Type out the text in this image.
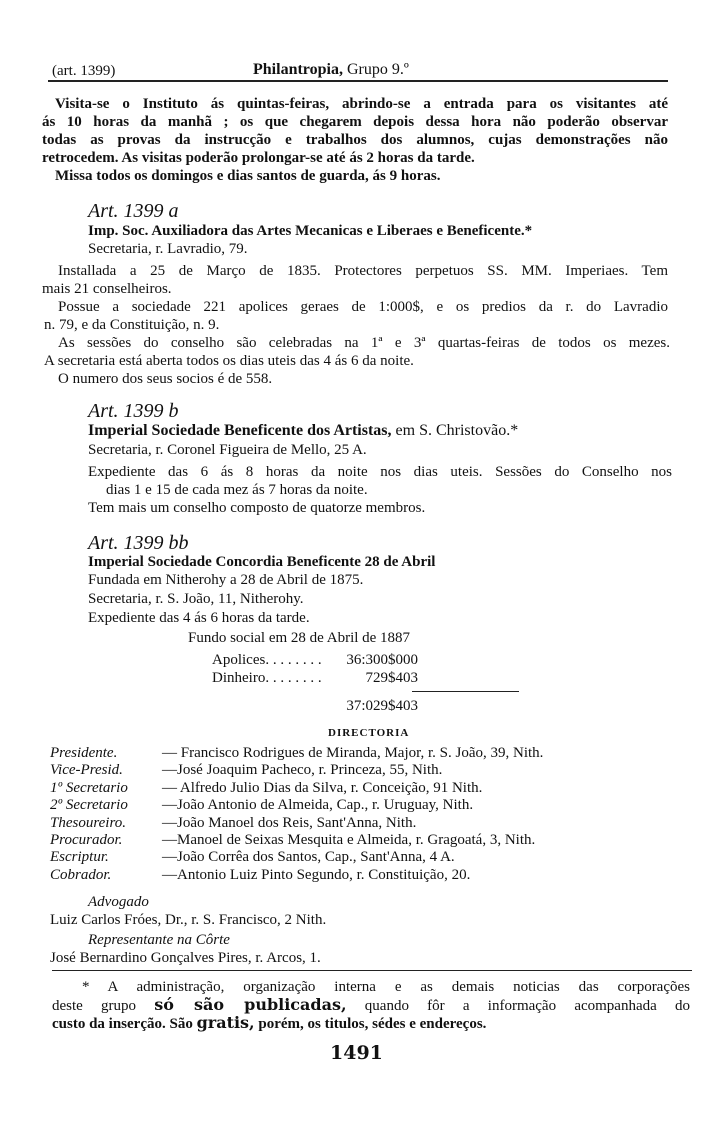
(art. 1399)	Philantropia, Grupo 9.º
Visita-se o Instituto ás quintas-feiras, abrindo-se a entrada para os visitantes até
ás 10 horas da manhã ; os que chegarem depois dessa hora não poderão observar
todas as provas da instrucção e trabalhos dos alumnos, cujas demonstrações não
retrocedem. As visitas poderão prolongar-se até ás 2 horas da tarde.
Missa todos os domingos e dias santos de guarda, ás 9 horas.
Art. 1399 a
Imp. Soc. Auxiliadora das Artes Mecanicas e Liberaes e Beneficente.*
Secretaria, r. Lavradio, 79.
Installada a 25 de Março de 1835. Protectores perpetuos SS. MM. Imperiaes. Tem
mais 21 conselheiros.
Possue a sociedade 221 apolices geraes de 1:000$, e os predios da r. do Lavradio
n. 79, e da Constituição, n. 9.
As sessões do conselho são celebradas na 1ª e 3ª quartas-feiras de todos os mezes.
A secretaria está aberta todos os dias uteis das 4 ás 6 da noite.
O numero dos seus socios é de 558.
Art. 1399 b
Imperial Sociedade Beneficente dos Artistas, em S. Christovão.*
Secretaria, r. Coronel Figueira de Mello, 25 A.
Expediente das 6 ás 8 horas da noite nos dias uteis. Sessões do Conselho nos
dias 1 e 15 de cada mez ás 7 horas da noite.
Tem mais um conselho composto de quatorze membros.
Art. 1399 bb
Imperial Sociedade Concordia Beneficente 28 de Abril
Fundada em Nitherohy a 28 de Abril de 1875.
Secretaria, r. S. João, 11, Nitherohy.
Expediente das 4 ás 6 horas da tarde.
Fundo social em 28 de Abril de 1887
Apolices. . . . . . . .	36:300$000
Dinheiro. . . . . . . .	729$403
37:029$403
DIRECTORIA
Presidente.	— Francisco Rodrigues de Miranda, Major, r. S. João, 39, Nith.
Vice-Presid.	—José Joaquim Pacheco, r. Princeza, 55, Nith.
1º Secretario — Alfredo Julio Dias da Silva, r. Conceição, 91 Nith.
2º Secretario —João Antonio de Almeida, Cap., r. Uruguay, Nith.
Thesoureiro. —João Manoel dos Reis, Sant'Anna, Nith.
Procurador.	—Manoel de Seixas Mesquita e Almeida, r. Gragoatá, 3, Nith.
Escriptur.	—João Corrêa dos Santos, Cap., Sant'Anna, 4 A.
Cobrador.	—Antonio Luiz Pinto Segundo, r. Constituição, 20.
Advogado
Luiz Carlos Fróes, Dr., r. S. Francisco, 2 Nith.
Representante na Côrte
José Bernardino Gonçalves Pires, r. Arcos, 1.
* A administração, organização interna e as demais noticias das corporações
deste grupo só são publicadas, quando fôr a informação acompanhada do
custo da inserção. São gratis, porém, os titulos, sédes e endereços.
1491
